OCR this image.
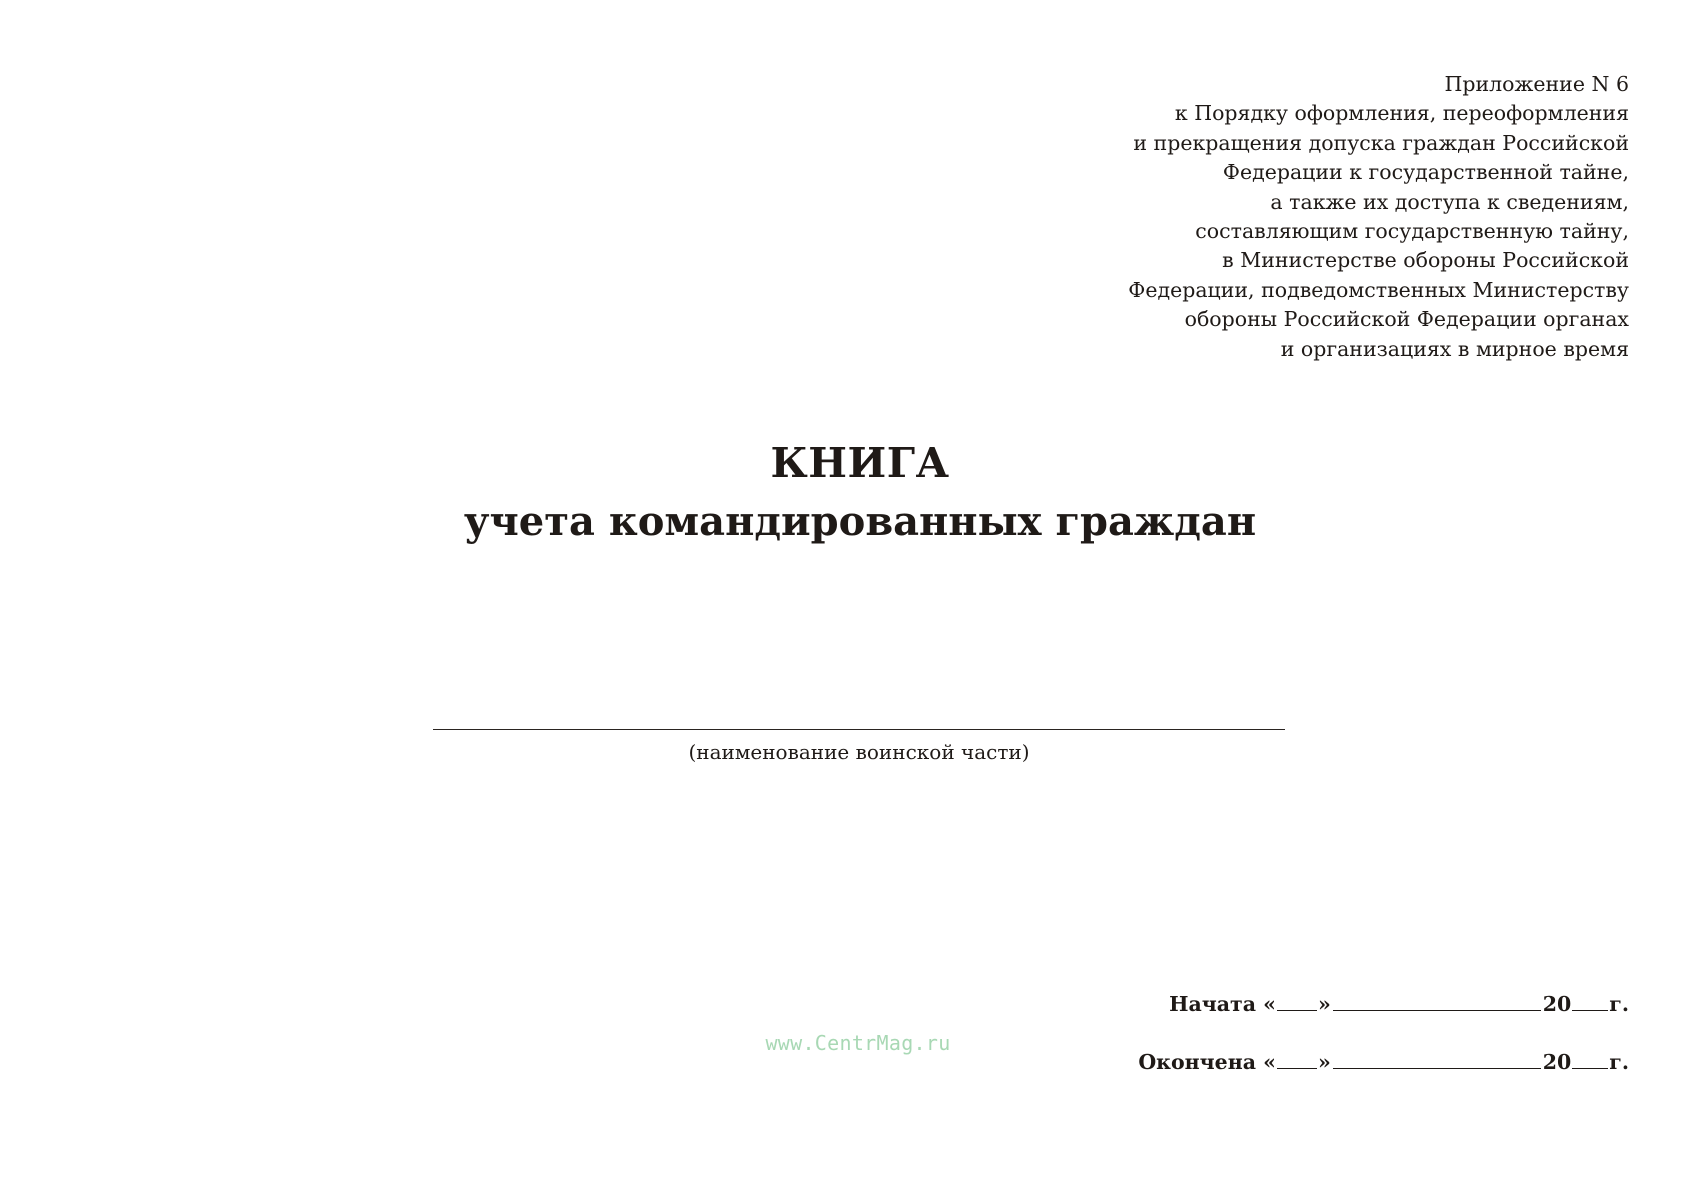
Приложение N 6
к Порядку оформления, переоформления
и прекращения допуска граждан Российской
Федерации к государственной тайне,
а также их доступа к сведениям,
составляющим государственную тайну,
в Министерстве обороны Российской
Федерации, подведомственных Министерству
обороны Российской Федерации органах
и организациях в мирное время
КНИГА
учета командированных граждан
(наименование воинской части)
Начата « »	20 г.
www.CentrMag.ru
Окончена « »	20 г.
